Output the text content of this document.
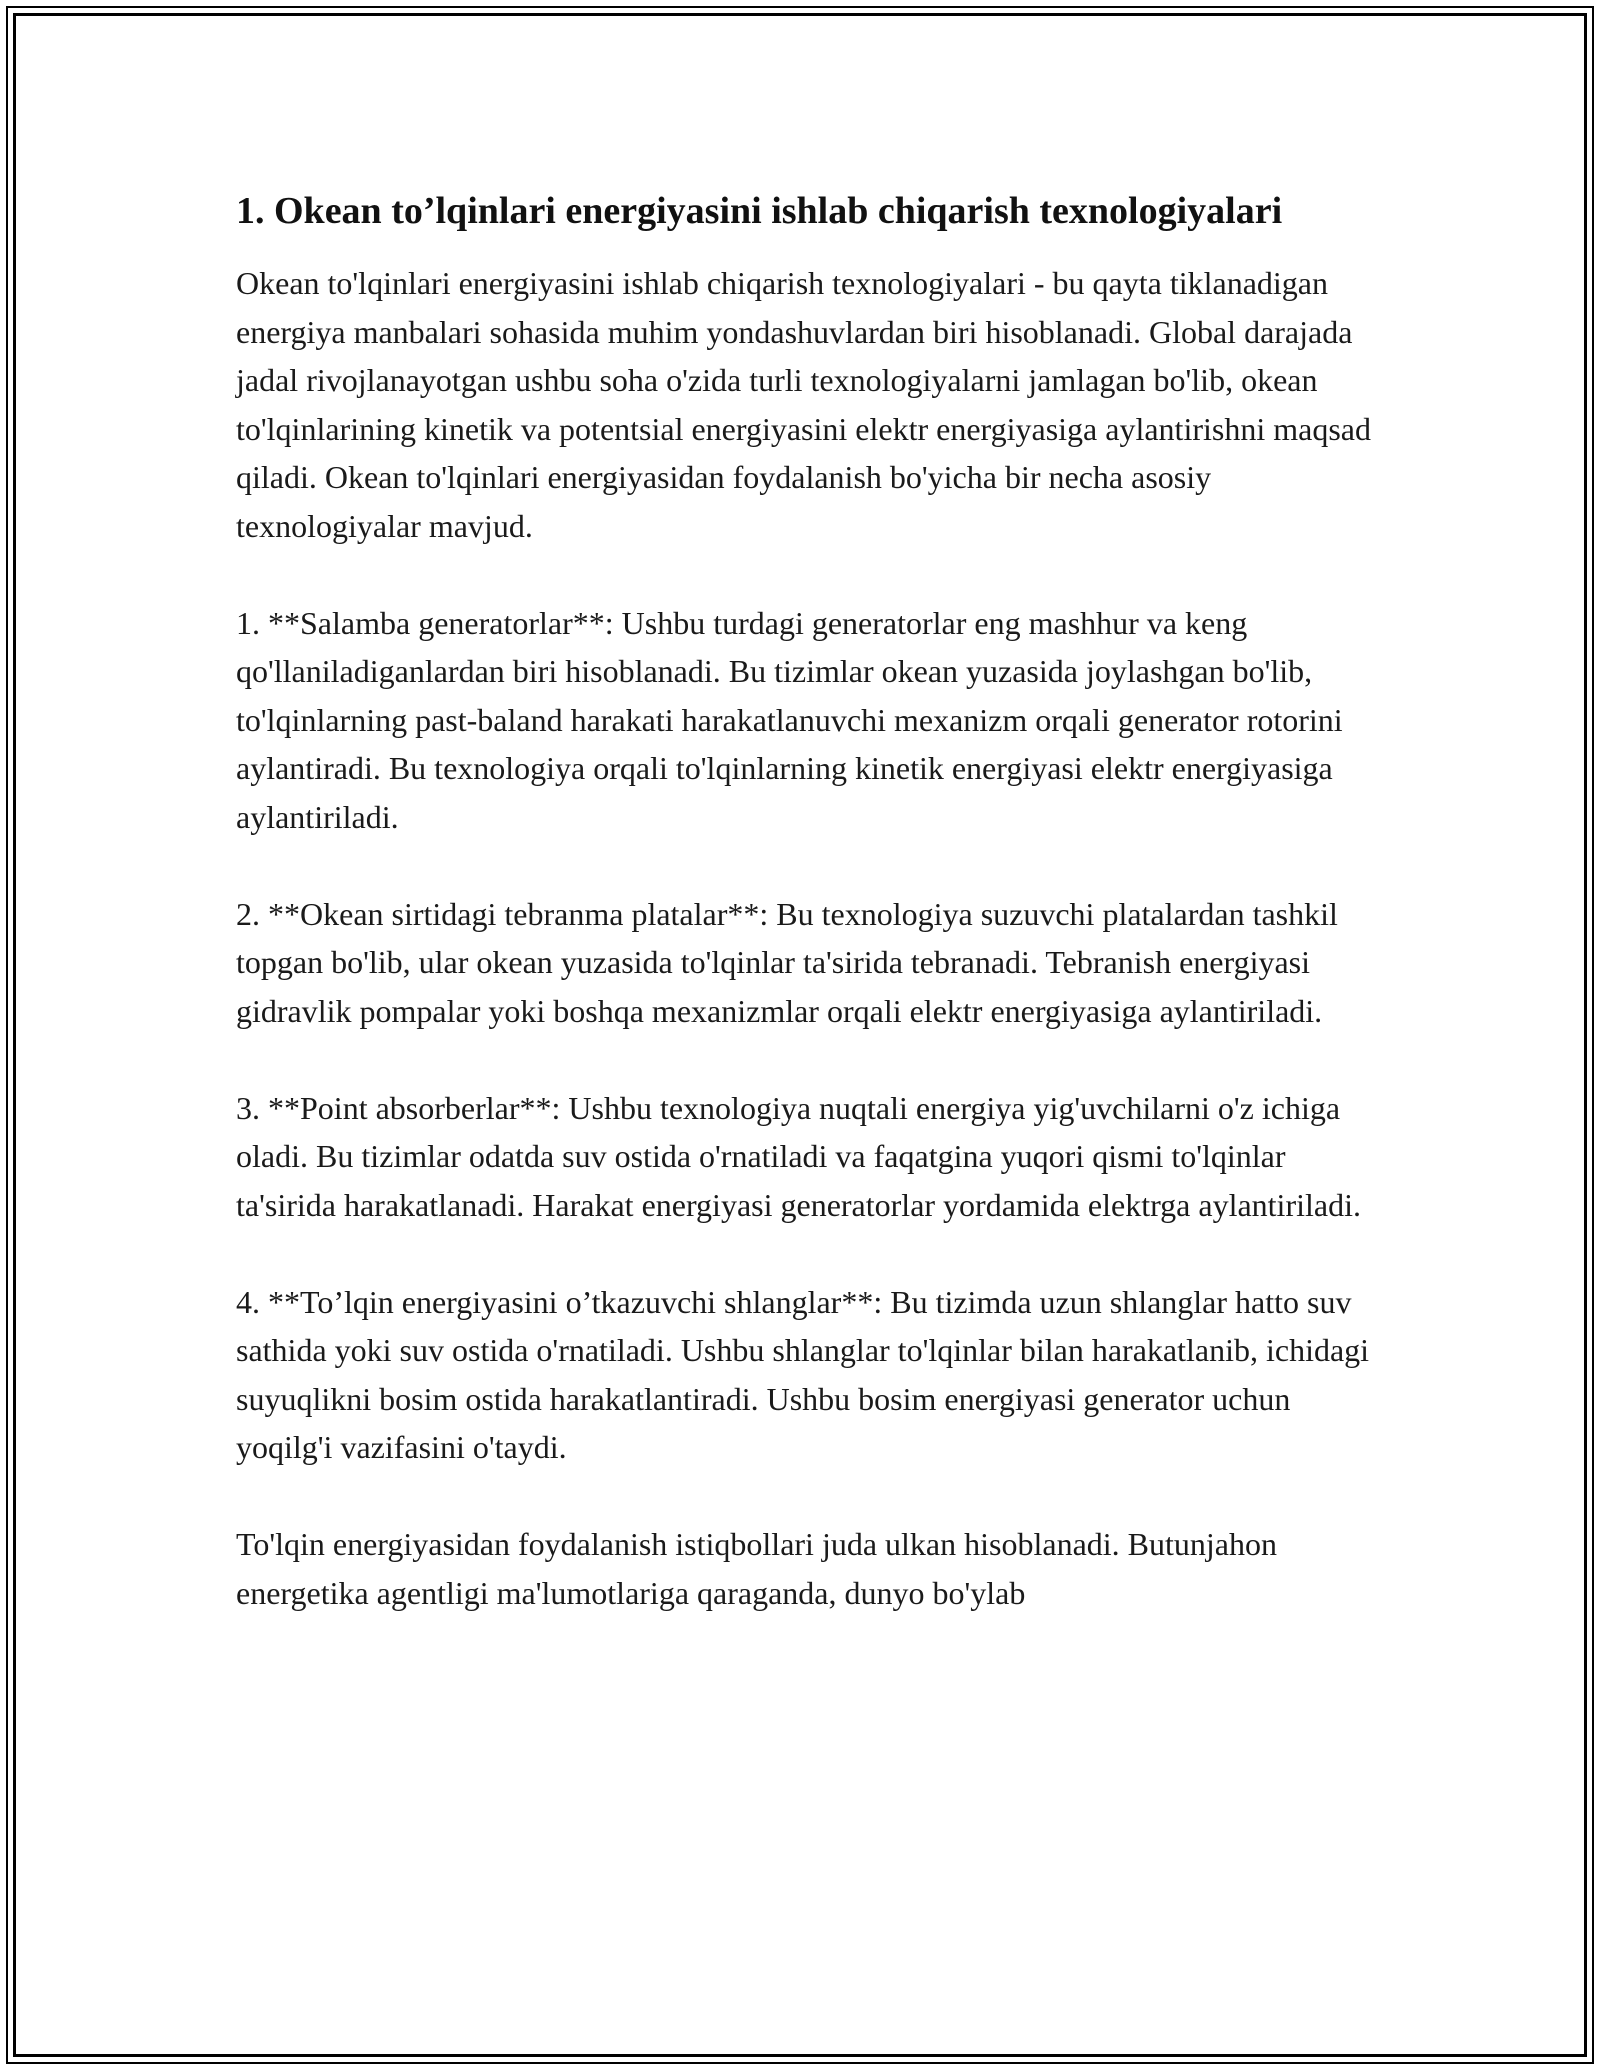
1. Okean to’lqinlari energiyasini ishlab chiqarish texnologiyalari

Okean to'lqinlari energiyasini ishlab chiqarish texnologiyalari - bu qayta tiklanadigan energiya manbalari sohasida muhim yondashuvlardan biri hisoblanadi. Global darajada jadal rivojlanayotgan ushbu soha o'zida turli texnologiyalarni jamlagan bo'lib, okean to'lqinlarining kinetik va potentsial energiyasini elektr energiyasiga aylantirishni maqsad qiladi. Okean to'lqinlari energiyasidan foydalanish bo'yicha bir necha asosiy texnologiyalar mavjud.

1. **Salamba generatorlar**: Ushbu turdagi generatorlar eng mashhur va keng qo'llaniladiganlardan biri hisoblanadi. Bu tizimlar okean yuzasida joylashgan bo'lib, to'lqinlarning past-baland harakati harakatlanuvchi mexanizm orqali generator rotorini aylantiradi. Bu texnologiya orqali to'lqinlarning kinetik energiyasi elektr energiyasiga aylantiriladi.

2. **Okean sirtidagi tebranma platalar**: Bu texnologiya suzuvchi platalardan tashkil topgan bo'lib, ular okean yuzasida to'lqinlar ta'sirida tebranadi. Tebranish energiyasi gidravlik pompalar yoki boshqa mexanizmlar orqali elektr energiyasiga aylantiriladi.

3. **Point absorberlar**: Ushbu texnologiya nuqtali energiya yig'uvchilarni o'z ichiga oladi. Bu tizimlar odatda suv ostida o'rnatiladi va faqatgina yuqori qismi to'lqinlar ta'sirida harakatlanadi. Harakat energiyasi generatorlar yordamida elektrga aylantiriladi.

4. **To’lqin energiyasini o’tkazuvchi shlanglar**: Bu tizimda uzun shlanglar hatto suv sathida yoki suv ostida o'rnatiladi. Ushbu shlanglar to'lqinlar bilan harakatlanib, ichidagi suyuqlikni bosim ostida harakatlantiradi. Ushbu bosim energiyasi generator uchun yoqilg'i vazifasini o'taydi.

To'lqin energiyasidan foydalanish istiqbollari juda ulkan hisoblanadi. Butunjahon energetika agentligi ma'lumotlariga qaraganda, dunyo bo'ylab
